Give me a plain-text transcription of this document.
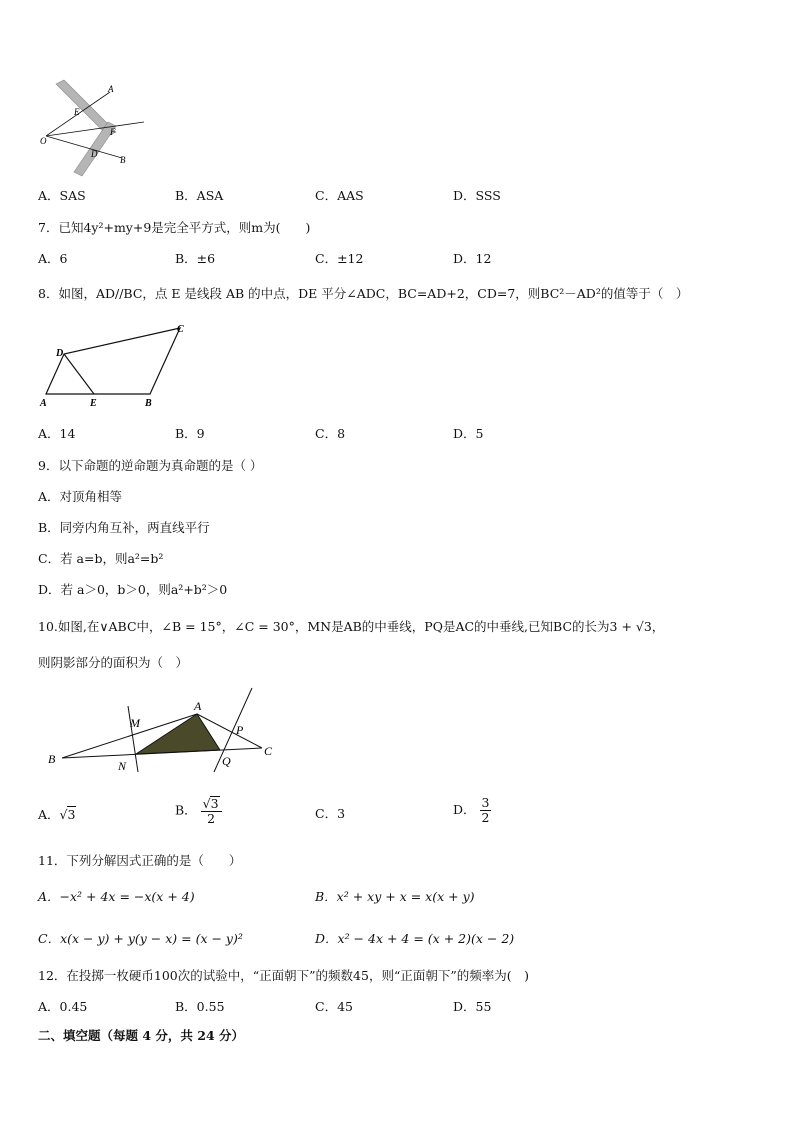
A
E
F
O
D
B
A．SAS	B．ASA	C．AAS	D．SSS
7．已知4y²+my+9是完全平方式，则m为(　　)
A．6	B．±6	C．±12	D．12
8．如图，AD//BC，点 E 是线段 AB 的中点，DE 平分∠ADC，BC=AD+2，CD=7，则BC²－AD²的值等于（　）
C
D
A	E	B
A．14	B．9	C．8	D．5
9．以下命题的逆命题为真命题的是（ ）
A．对顶角相等
B．同旁内角互补，两直线平行
C．若 a=b，则a²=b²
D．若 a＞0，b＞0，则a²+b²＞0
10.如图,在∨ABC中，∠B = 15°，∠C = 30°，MN是AB的中垂线，PQ是AC的中垂线,已知BC的长为3 + √3，
则阴影部分的面积为（　）
A
M	P
B	N	Q
C
A．√3	B． $\frac{√3}{2}$	C．3	D． $\frac{3}{2}$
11．下列分解因式正确的是（　　）
A．−x² + 4x = −x(x + 4)	B．x² + xy + x = x(x + y)
C．x(x − y) + y(y − x) = (x − y)²	D．x² − 4x + 4 = (x + 2)(x − 2)
12．在投掷一枚硬币100次的试验中，“正面朝下”的频数45，则“正面朝下”的频率为(　)
A．0.45	B．0.55	C．45	D．55
二、填空题（每题 4 分，共 24 分）
